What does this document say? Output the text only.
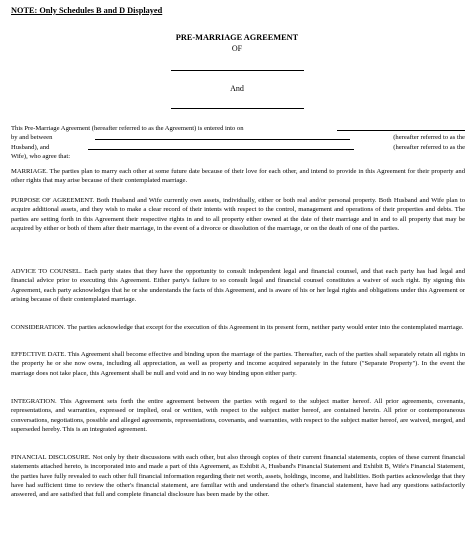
NOTE: Only Schedules B and D Displayed
PRE-MARRIAGE AGREEMENT
OF
And
This Pre-Marriage Agreement (hereafter referred to as the Agreement) is entered into on
by and between	(hereafter referred to as the
Husband), and	(hereafter referred to as the
Wife), who agree that:

MARRIAGE. The parties plan to marry each other at some future date because of their love for each other, and intend to provide in this Agreement for their property and other rights that may arise because of their contemplated marriage.

PURPOSE OF AGREEMENT. Both Husband and Wife currently own assets, individually, either or both real and/or personal property. Both Husband and Wife plan to acquire additional assets, and they wish to make a clear record of their intents with respect to the control, management and operations of their properties and debts. The parties are setting forth in this Agreement their respective rights in and to all property either owned at the date of their marriage and in and to all property that may be acquired by either or both of them after their marriage, in the event of a divorce or dissolution of the marriage, or on the death of one of the parties.

ADVICE TO COUNSEL. Each party states that they have the opportunity to consult independent legal and financial counsel, and that each party has had legal and financial advice prior to executing this Agreement. Either party's failure to so consult legal and financial counsel constitutes a waiver of such right. By signing this Agreement, each party acknowledges that he or she understands the facts of this Agreement, and is aware of his or her legal rights and obligations under this Agreement or arising because of their contemplated marriage.

CONSIDERATION. The parties acknowledge that except for the execution of this Agreement in its present form, neither party would enter into the contemplated marriage.

EFFECTIVE DATE. This Agreement shall become effective and binding upon the marriage of the parties. Thereafter, each of the parties shall separately retain all rights in the property he or she now owns, including all appreciation, as well as property and income acquired separately in the future ("Separate Property"). In the event the marriage does not take place, this Agreement shall be null and void and in no way binding upon either party.

INTEGRATION. This Agreement sets forth the entire agreement between the parties with regard to the subject matter hereof. All prior agreements, covenants, representations, and warranties, expressed or implied, oral or written, with respect to the subject matter hereof, are contained herein. All prior or contemporaneous conversations, negotiations, possible and alleged agreements, representations, covenants, and warranties, with respect to the subject matter hereof, are waived, merged, and superseded hereby. This is an integrated agreement.

FINANCIAL DISCLOSURE. Not only by their discussions with each other, but also through copies of their current financial statements, copies of these current financial statements attached hereto, is incorporated into and made a part of this Agreement, as Exhibit A, Husband's Financial Statement and Exhibit B, Wife's Financial Statement, the parties have fully revealed to each other full financial information regarding their net worth, assets, holdings, income, and liabilities. Both parties acknowledge that they have had sufficient time to review the other's financial statement, are familiar with and understand the other's financial statement, have had any questions satisfactorily answered, and are satisfied that full and complete financial disclosure has been made by the other.
